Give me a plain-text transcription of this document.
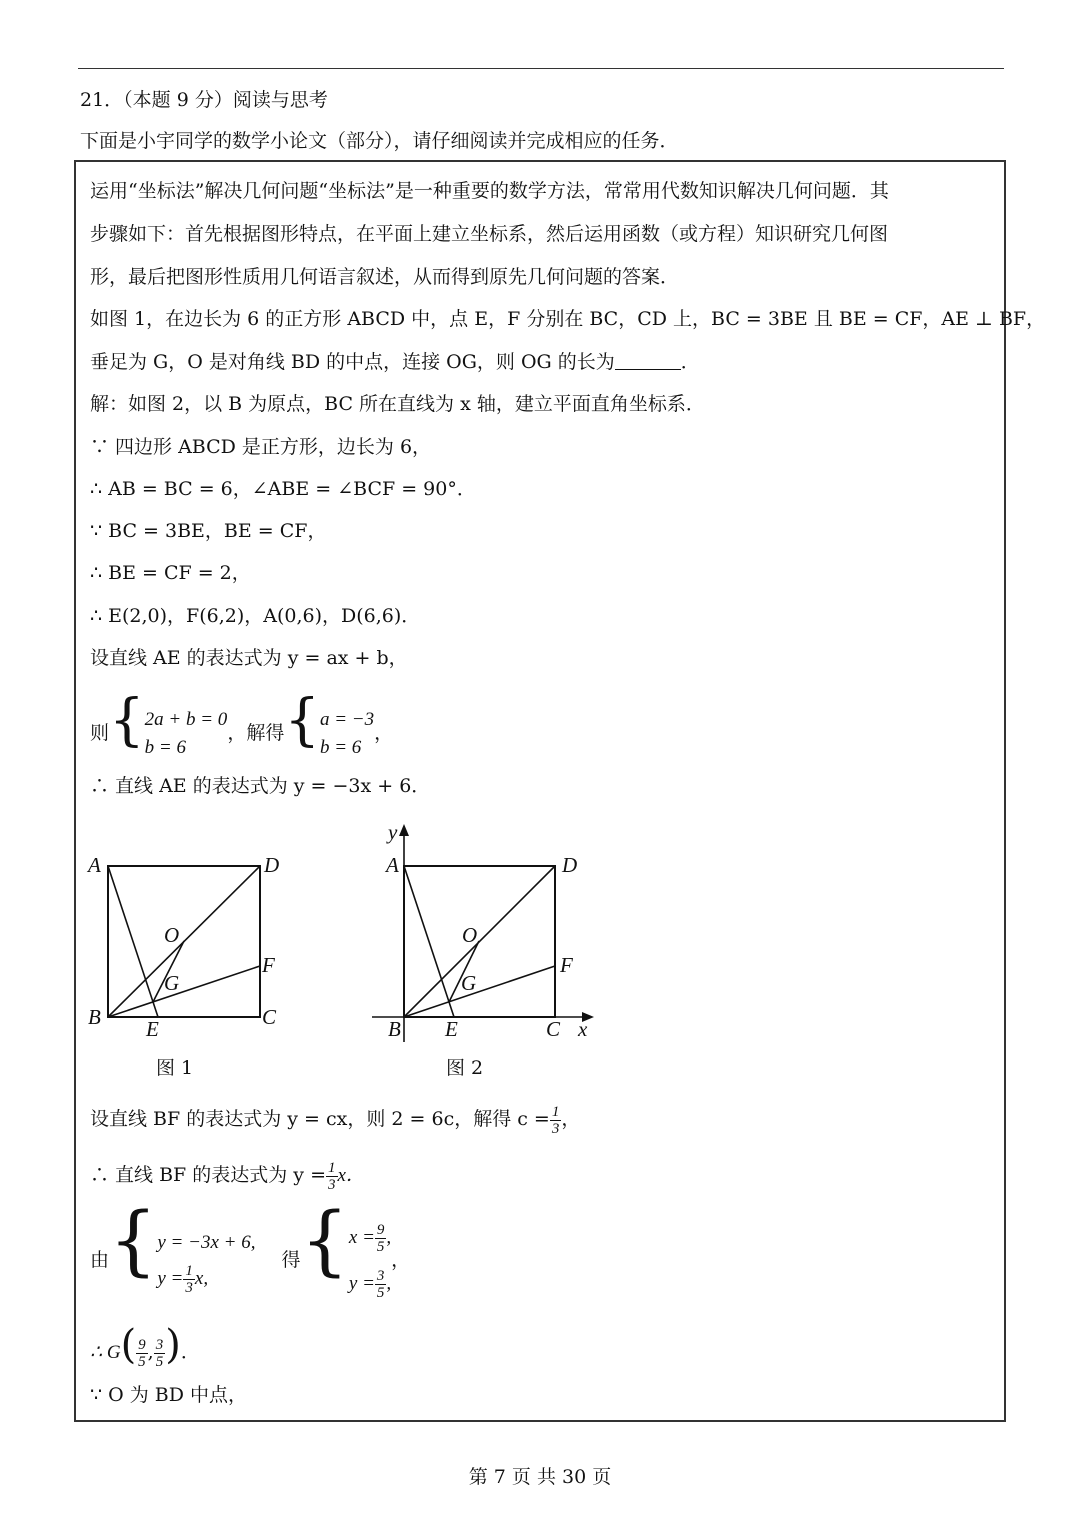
21．（本题 9 分）阅读与思考
下面是小宇同学的数学小论文（部分），请仔细阅读并完成相应的任务．
运用“坐标法”解决几何问题“坐标法”是一种重要的数学方法，常常用代数知识解决几何问题．其
步骤如下：首先根据图形特点，在平面上建立坐标系，然后运用函数（或方程）知识研究几何图
形，最后把图形性质用几何语言叙述，从而得到原先几何问题的答案．
如图 1，在边长为 6 的正方形 ABCD 中，点 E，F 分别在 BC，CD 上，BC = 3BE 且 BE = CF，AE ⊥ BF，
垂足为 G，O 是对角线 BD 的中点，连接 OG，则 OG 的长为	．
解：如图 2，以 B 为原点，BC 所在直线为 x 轴，建立平面直角坐标系．
∵ 四边形 ABCD 是正方形，边长为 6，
∴ AB = BC = 6，∠ABE = ∠BCF = 90°．
∵ BC = 3BE，BE = CF，
∴ BE = CF = 2，
∴ E(2,0)，F(6,2)，A(0,6)，D(6,6)．
设直线 AE 的表达式为 y = ax + b，
则{ 2a + b = 0
b = 6
，解得{ a = −3
b = 6
，
∴ 直线 AE 的表达式为 y = −3x + 6．
A	D
O
F
G
B E	C
图 1
y
A	D
O
F
G
B E	C x
图 2
设直线 BF 的表达式为 y = cx，则 2 = 6c，解得 $c = \frac{1}{3}$ ，
∴ 直线 BF 的表达式为 $y = \frac{1}{3}$ x．
由{ y = −3x + 6,
$y = \frac{1}{3} x$,
得{ $x = \frac{9}{5}$ ,
$y = \frac{3}{5}$ ,
，
∴ $G( \frac{9}{5}$ , $\frac{3}{5}$ )．
∵ O 为 BD 中点，
第 7 页 共 30 页
